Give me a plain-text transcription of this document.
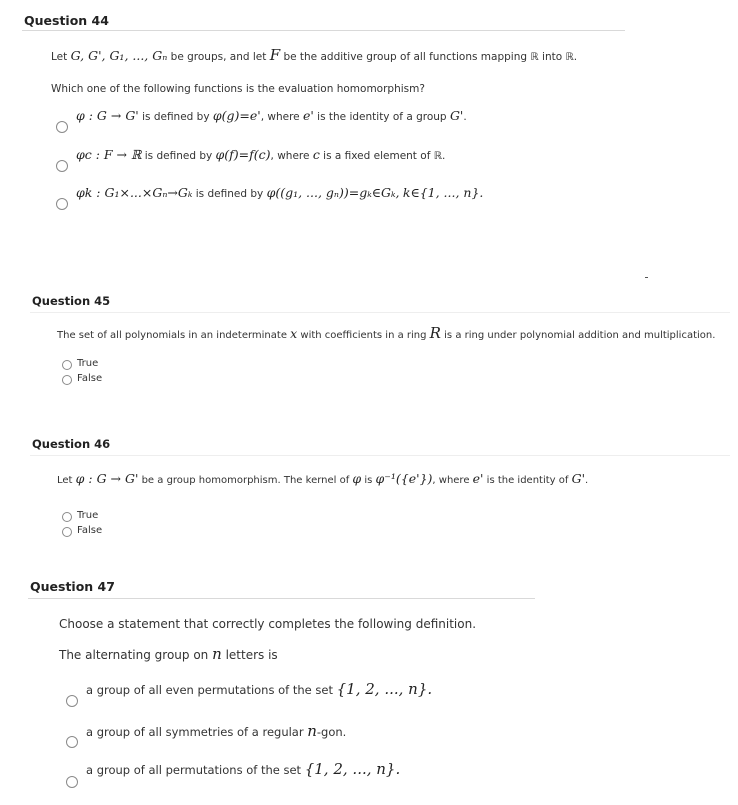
Question 44
Let G, G', G₁, ..., Gₙ be groups, and let F be the additive group of all functions mapping ℝ into ℝ.
Which one of the following functions is the evaluation homomorphism?
φ : G → G' is defined by φ(g)=e', where e' is the identity of a group G'.
φc : F → ℝ is defined by φ(f)=f(c), where c is a fixed element of ℝ.
φk : G₁×...×Gₙ→Gₖ is defined by φ((g₁, ..., gₙ))=gₖ∈Gₖ, k∈{1, ..., n}.
Question 45
The set of all polynomials in an indeterminate x with coefficients in a ring R is a ring under polynomial addition and multiplication.
True
False
Question 46
Let φ : G → G' be a group homomorphism. The kernel of φ is φ⁻¹({e'}), where e' is the identity of G'.
True
False
Question 47
Choose a statement that correctly completes the following definition.
The alternating group on n letters is
a group of all even permutations of the set {1, 2, ..., n}.
a group of all symmetries of a regular n-gon.
a group of all permutations of the set {1, 2, ..., n}.
